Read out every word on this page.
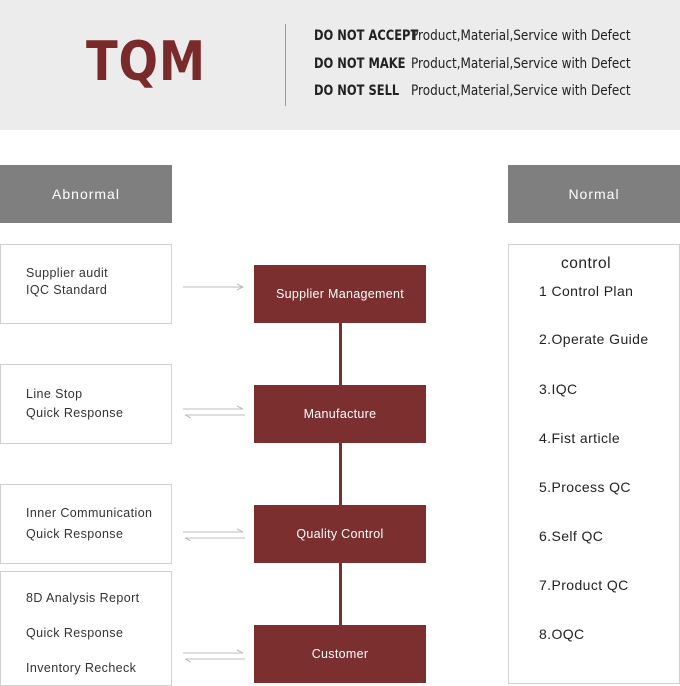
TQM	DO NOT ACCEPT
Product,Material,Service with Defect
DO NOT MAKE Product,Material,Service with Defect
DO NOT SELL Product,Material,Service with Defect
Abnormal	Normal
Supplier audit
IQC Standard
Line Stop
Quick Response
Inner Communication
Quick Response
8D Analysis Report
Quick Response
Inventory Recheck
Supplier Management
Manufacture
Quality Control
Customer
control
1 Control Plan
2.Operate Guide
3.IQC
4.Fist article
5.Process QC
6.Self QC
7.Product QC
8.OQC
